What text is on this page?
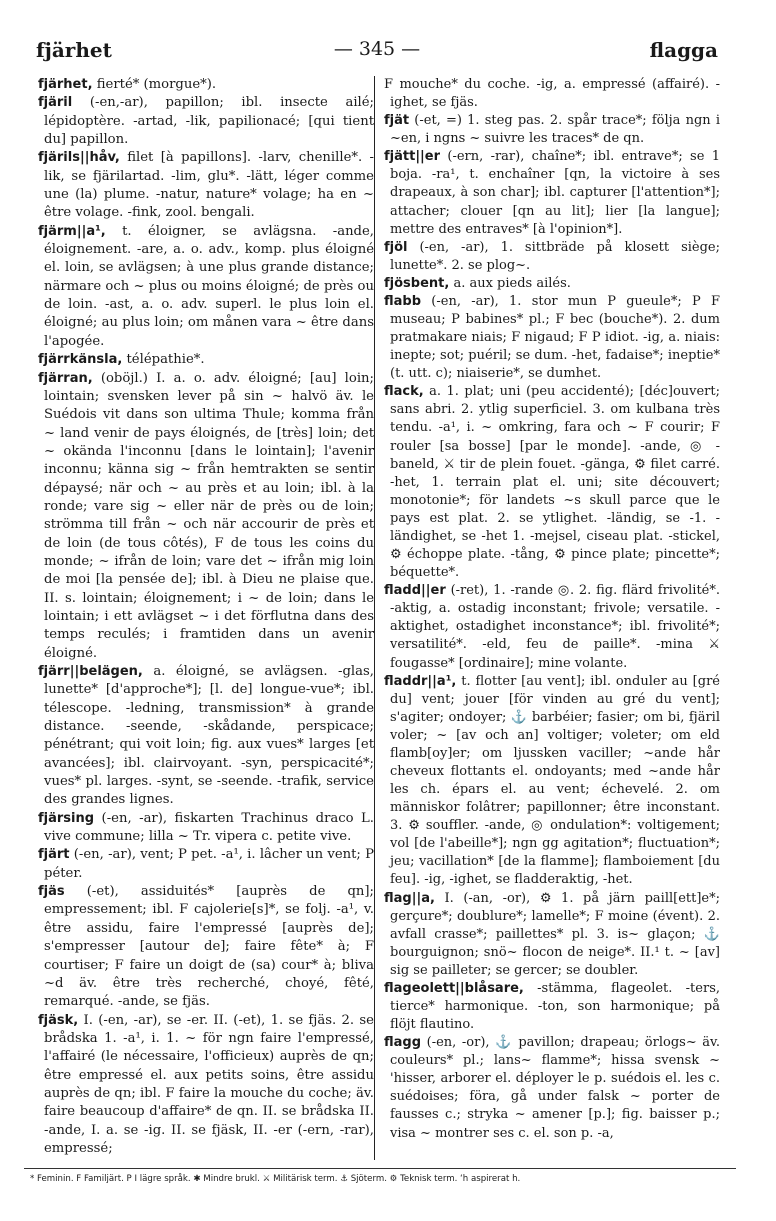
fjärhet	— 345 —	flagga

fjärhet, fierté* (morgue*).

fjäril (-en,-ar), papillon; ibl. insecte ailé; lépidoptère. -artad, -lik, papilionacé; [qui tient du] papillon.

fjärils||håv, filet [à papillons]. -larv, chenille*. -lik, se fjärilartad. -lim, glu*. -lätt, léger comme une (la) plume. -natur, nature* volage; ha en ~ être volage. -fink, zool. bengali.

fjärm||a¹, t. éloigner, se avlägsna. -ande, éloignement. -are, a. o. adv., komp. plus éloigné el. loin, se avlägsen; à une plus grande distance; närmare och ~ plus ou moins éloigné; de près ou de loin. -ast, a. o. adv. superl. le plus loin el. éloigné; au plus loin; om månen vara ~ être dans l'apogée.

fjärrkänsla, télépathie*.

fjärran, (oböjl.) I. a. o. adv. éloigné; [au] loin; lointain; svensken lever på sin ~ halvö äv. le Suédois vit dans son ultima Thule; komma från ~ land venir de pays éloignés, de [très] loin; det ~ okända l'inconnu [dans le lointain]; l'avenir inconnu; känna sig ~ från hemtrakten se sentir dépaysé; när och ~ au près et au loin; ibl. à la ronde; vare sig ~ eller när de près ou de loin; strömma till från ~ och när accourir de près et de loin (de tous côtés), F de tous les coins du monde; ~ ifrån de loin; vare det ~ ifrån mig loin de moi [la pensée de]; ibl. à Dieu ne plaise que. II. s. lointain; éloignement; i ~ de loin; dans le lointain; i ett avlägset ~ i det förflutna dans des temps reculés; i framtiden dans un avenir éloigné.

fjärr||belägen, a. éloigné, se avlägsen. -glas, lunette* [d'approche*]; [l. de] longue-vue*; ibl. télescope. -ledning, transmission* à grande distance. -seende, -skådande, perspicace; pénétrant; qui voit loin; fig. aux vues* larges [et avancées]; ibl. clairvoyant. -syn, perspicacité*; vues* pl. larges. -synt, se -seende. -trafik, service des grandes lignes.

fjärsing (-en, -ar), fiskarten Trachinus draco L. vive commune; lilla ~ Tr. vipera c. petite vive.

fjärt (-en, -ar), vent; P pet. -a¹, i. lâcher un vent; P péter.

fjäs (-et), assiduités* [auprès de qn]; empressement; ibl. F cajolerie[s]*, se folj. -a¹, v. être assidu, faire l'empressé [auprès de]; s'empresser [autour de]; faire fête* à; F courtiser; F faire un doigt de (sa) cour* à; bliva ~d äv. être très recherché, choyé, fêté, remarqué. -ande, se fjäs.

fjäsk, I. (-en, -ar), se -er. II. (-et), 1. se fjäs. 2. se brådska 1. -a¹, i. 1. ~ för ngn faire l'empressé, l'affairé (le nécessaire, l'officieux) auprès de qn; être empressé el. aux petits soins, être assidu auprès de qn; ibl. F faire la mouche du coche; äv. faire beaucoup d'affaire* de qn. II. se brådska II. -ande, I. a. se -ig. II. se fjäsk, II. -er (-ern, -rar), empressé;

F mouche* du coche. -ig, a. empressé (affairé). -ighet, se fjäs.

fjät (-et, =) 1. steg pas. 2. spår trace*; följa ngn i ~en, i ngns ~ suivre les traces* de qn.

fjätt||er (-ern, -rar), chaîne*; ibl. entrave*; se 1 boja. -ra¹, t. enchaîner [qn, la victoire à ses drapeaux, à son char]; ibl. capturer [l'attention*]; attacher; clouer [qn au lit]; lier [la langue]; mettre des entraves* [à l'opinion*].

fjöl (-en, -ar), 1. sittbräde på klosett siège; lunette*. 2. se plog~.

fjösbent, a. aux pieds ailés.

flabb (-en, -ar), 1. stor mun P gueule*; P F museau; P babines* pl.; F bec (bouche*). 2. dum pratmakare niais; F nigaud; F P idiot. -ig, a. niais: inepte; sot; puéril; se dum. -het, fadaise*; ineptie* (t. utt. c); niaiserie*, se dumhet.

flack, a. 1. plat; uni (peu accidenté); [déc]ouvert; sans abri. 2. ytlig superficiel. 3. om kulbana très tendu. -a¹, i. ~ omkring, fara och ~ F courir; F rouler [sa bosse] [par le monde]. -ande, ◎ -baneld, ⚔ tir de plein fouet. -gänga, ⚙ filet carré. -het, 1. terrain plat el. uni; site découvert; monotonie*; för landets ~s skull parce que le pays est plat. 2. se ytlighet. -ländig, se -1. -ländighet, se -het 1. -mejsel, ciseau plat. -stickel, ⚙ échoppe plate. -tång, ⚙ pince plate; pincette*; béquette*.

fladd||er (-ret), 1. -rande ◎. 2. fig. flärd frivolité*. -aktig, a. ostadig inconstant; frivole; versatile. -aktighet, ostadighet inconstance*; ibl. frivolité*; versatilité*. -eld, feu de paille*. -mina ⚔ fougasse* [ordinaire]; mine volante.

fladdr||a¹, t. flotter [au vent]; ibl. onduler au [gré du] vent; jouer [för vinden au gré du vent]; s'agiter; ondoyer; ⚓ barbéier; fasier; om bi, fjäril voler; ~ [av och an] voltiger; voleter; om eld flamb[oy]er; om ljussken vaciller; ~ande hår cheveux flottants el. ondoyants; med ~ande hår les ch. épars el. au vent; échevelé. 2. om människor folâtrer; papillonner; être inconstant. 3. ⚙ souffler. -ande, ◎ ondulation*: voltigement; vol [de l'abeille*]; ngn gg agitation*; fluctuation*; jeu; vacillation* [de la flamme]; flamboiement [du feu]. -ig, -ighet, se fladderaktig, -het.

flag||a, I. (-an, -or), ⚙ 1. på järn paill[ett]e*; gerçure*; doublure*; lamelle*; F moine (évent). 2. avfall crasse*; paillettes* pl. 3. is~ glaçon; ⚓ bourguignon; snö~ flocon de neige*. II.¹ t. ~ [av] sig se pailleter; se gercer; se doubler.

flageolett||blåsare, -stämma, flageolet. -ters, tierce* harmonique. -ton, son harmonique; på flöjt flautino.

flagg (-en, -or), ⚓ pavillon; drapeau; örlogs~ äv. couleurs* pl.; lans~ flamme*; hissa svensk ~ 'hisser, arborer el. déployer le p. suédois el. les c. suédoises; föra, gå under falsk ~ porter de fausses c.; stryka ~ amener [p.]; fig. baisser p.; visa ~ montrer ses c. el. son p. -a,

* Feminin. F Familjärt. P I lägre språk. ✱ Mindre brukl. ⚔ Militärisk term. ⚓ Sjöterm. ⚙ Teknisk term. ʻh aspirerat h.
